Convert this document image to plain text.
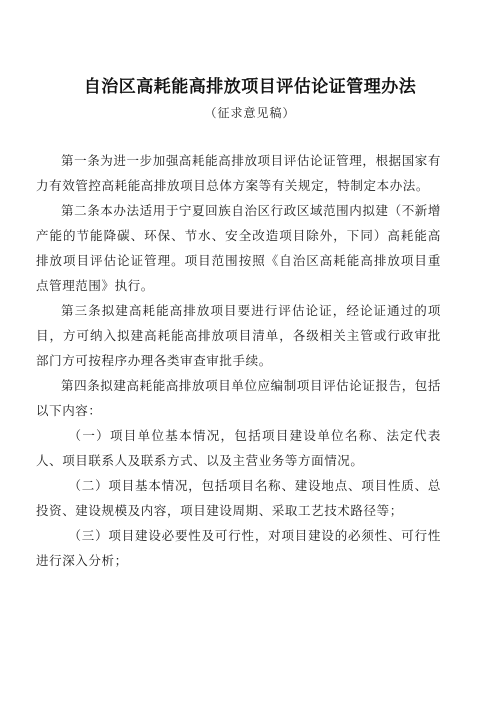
自治区高耗能高排放项目评估论证管理办法
（征求意见稿）

第一条为进一步加强高耗能高排放项目评估论证管理，根据国家有力有效管控高耗能高排放项目总体方案等有关规定，特制定本办法。

第二条本办法适用于宁夏回族自治区行政区域范围内拟建（不新增产能的节能降碳、环保、节水、安全改造项目除外，下同）高耗能高排放项目评估论证管理。项目范围按照《自治区高耗能高排放项目重点管理范围》执行。

第三条拟建高耗能高排放项目要进行评估论证，经论证通过的项目，方可纳入拟建高耗能高排放项目清单，各级相关主管或行政审批部门方可按程序办理各类审查审批手续。

第四条拟建高耗能高排放项目单位应编制项目评估论证报告，包括以下内容：

（一）项目单位基本情况，包括项目建设单位名称、法定代表人、项目联系人及联系方式、以及主营业务等方面情况。

（二）项目基本情况，包括项目名称、建设地点、项目性质、总投资、建设规模及内容，项目建设周期、采取工艺技术路径等；

（三）项目建设必要性及可行性，对项目建设的必须性、可行性进行深入分析；
